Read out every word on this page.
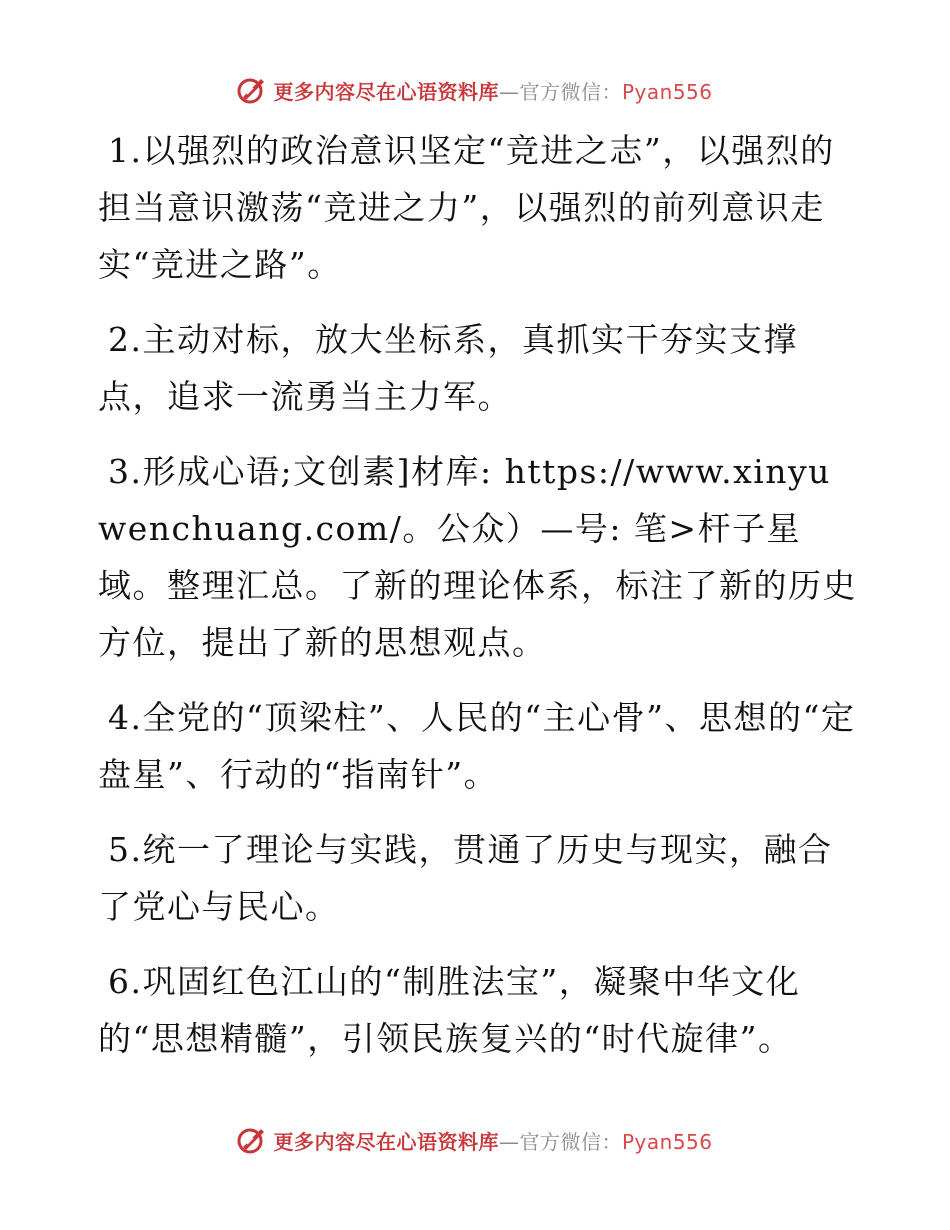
更多内容尽在心语资料库—官方微信：Pyan556

1.以强烈的政治意识坚定“竞进之志”，以强烈的担当意识激荡“竞进之力”，以强烈的前列意识走实“竞进之路”。

2.主动对标，放大坐标系，真抓实干夯实支撑点，追求一流勇当主力军。

3.形成心语;文创素]材库: https://www.xinyuwenchuang.com/。公众）—号: 笔>杆子星域。整理汇总。了新的理论体系，标注了新的历史方位，提出了新的思想观点。

4.全党的“顶梁柱”、人民的“主心骨”、思想的“定盘星”、行动的“指南针”。

5.统一了理论与实践，贯通了历史与现实，融合了党心与民心。

6.巩固红色江山的“制胜法宝”，凝聚中华文化的“思想精髓”，引领民族复兴的“时代旋律”。

更多内容尽在心语资料库—官方微信：Pyan556
